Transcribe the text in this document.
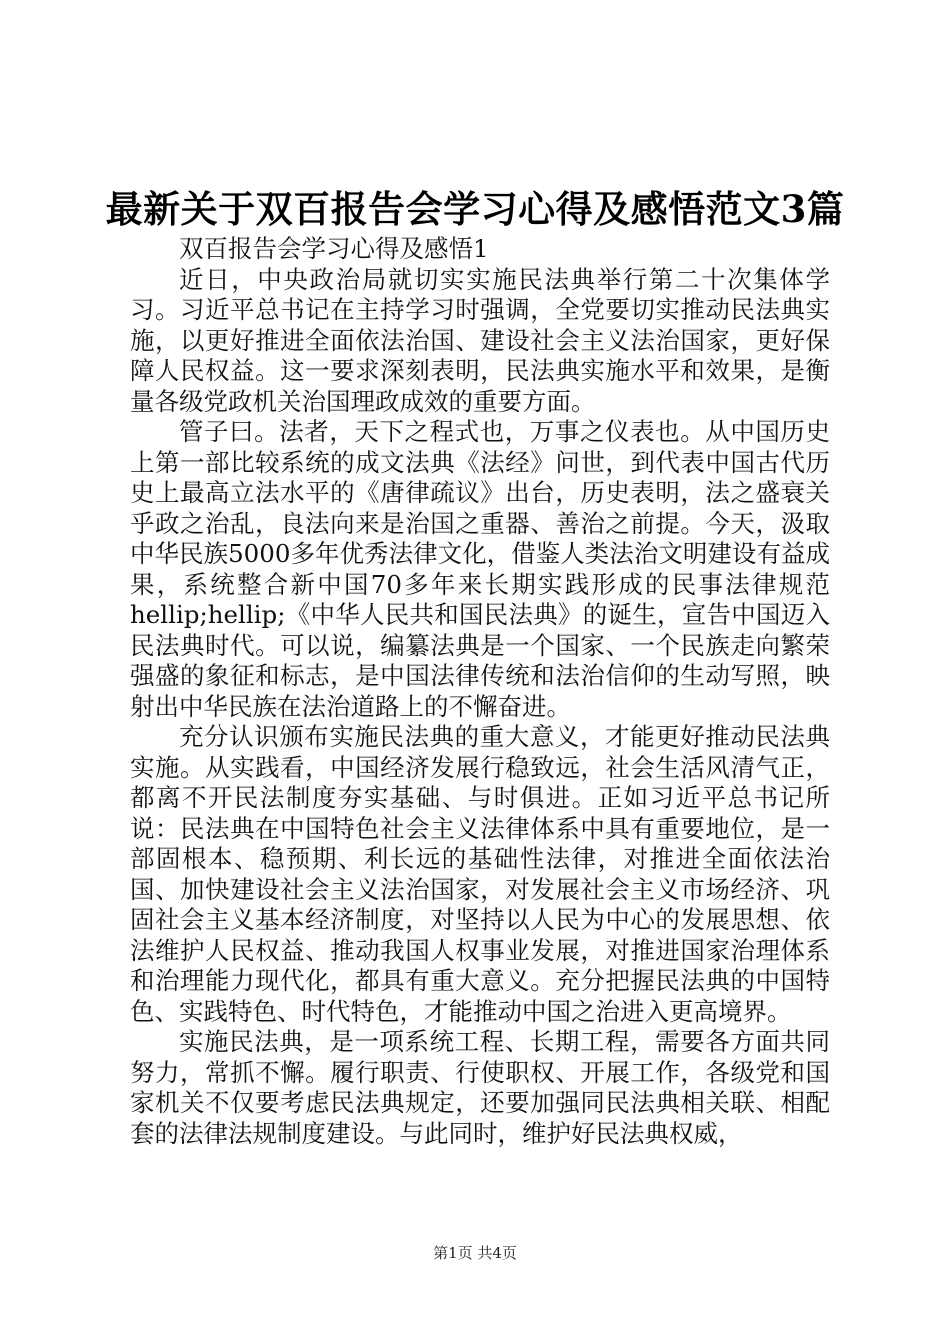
最新关于双百报告会学习心得及感悟范文3篇

双百报告会学习心得及感悟1

近日，中央政治局就切实实施民法典举行第二十次集体学习。习近平总书记在主持学习时强调，全党要切实推动民法典实施，以更好推进全面依法治国、建设社会主义法治国家，更好保障人民权益。这一要求深刻表明，民法典实施水平和效果，是衡量各级党政机关治国理政成效的重要方面。

管子曰。法者，天下之程式也，万事之仪表也。从中国历史上第一部比较系统的成文法典《法经》问世，到代表中国古代历史上最高立法水平的《唐律疏议》出台，历史表明，法之盛衰关乎政之治乱，良法向来是治国之重器、善治之前提。今天，汲取中华民族5000多年优秀法律文化，借鉴人类法治文明建设有益成果，系统整合新中国70多年来长期实践形成的民事法律规范hellip;hellip;《中华人民共和国民法典》的诞生，宣告中国迈入民法典时代。可以说，编纂法典是一个国家、一个民族走向繁荣强盛的象征和标志，是中国法律传统和法治信仰的生动写照，映射出中华民族在法治道路上的不懈奋进。

充分认识颁布实施民法典的重大意义，才能更好推动民法典实施。从实践看，中国经济发展行稳致远，社会生活风清气正，都离不开民法制度夯实基础、与时俱进。正如习近平总书记所说：民法典在中国特色社会主义法律体系中具有重要地位，是一部固根本、稳预期、利长远的基础性法律，对推进全面依法治国、加快建设社会主义法治国家，对发展社会主义市场经济、巩固社会主义基本经济制度，对坚持以人民为中心的发展思想、依法维护人民权益、推动我国人权事业发展，对推进国家治理体系和治理能力现代化，都具有重大意义。充分把握民法典的中国特色、实践特色、时代特色，才能推动中国之治进入更高境界。

实施民法典，是一项系统工程、长期工程，需要各方面共同努力，常抓不懈。履行职责、行使职权、开展工作，各级党和国家机关不仅要考虑民法典规定，还要加强同民法典相关联、相配套的法律法规制度建设。与此同时，维护好民法典权威，

第1页 共4页
